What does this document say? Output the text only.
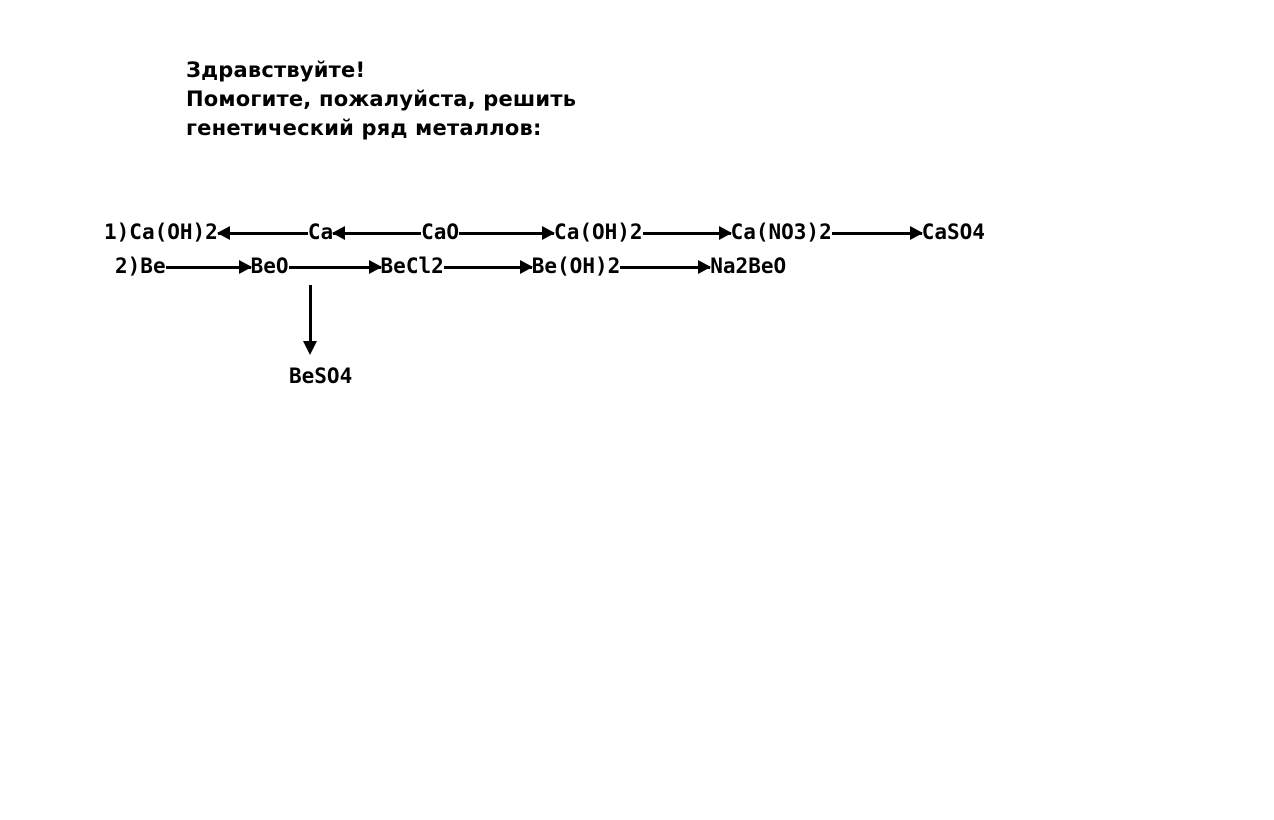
Здравствуйте!
Помогите, пожалуйста, решить
генетический ряд металлов:
1) Ca(OH)2	Ca	CaO	Ca(OH)2	Ca(NO3)2	CaSO4
2) Be	BeO	BeCl2	Be(OH)2	Na2BeO
BeSO4
